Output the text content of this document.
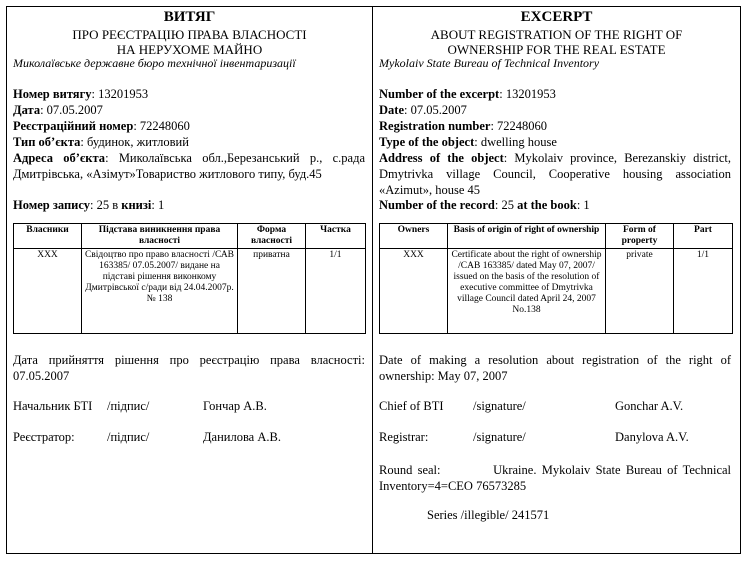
ВИТЯГ
ПРО РЕЄСТРАЦІЮ ПРАВА ВЛАСНОСТІ
НА НЕРУХОМЕ МАЙНО
Миколаївське державне бюро технічної інвентаризації
Номер витягу: 13201953
Дата: 07.05.2007
Реєстраційний номер: 72248060
Тип об’єкта: будинок, житловий
Адреса об’єкта: Миколаївська обл.,Березанський р., с.рада Дмитрівська, «Азімут»Товариство житлового типу, буд.45
Номер запису: 25 в книзі: 1
Власники	Підстава виникнення права власності	Форма власності	Частка
XXX	Свідоцтво про право власності /САВ 163385/ 07.05.2007/ видане на підставі рішення виконкому Дмитрівської с/ради від 24.04.2007р. № 138	приватна	1/1
Дата прийняття рішення про реєстрацію права власності: 07.05.2007
Начальник БТІ /підпис/	Гончар А.В.
Реєстратор:	/підпис/	Данилова А.В.
EXCERPT
ABOUT REGISTRATION OF THE RIGHT OF
OWNERSHIP FOR THE REAL ESTATE
Mykolaiv State Bureau of Technical Inventory
Number of the excerpt: 13201953
Date: 07.05.2007
Registration number: 72248060
Type of the object: dwelling house
Address of the object: Mykolaiv province, Berezanskiy district, Dmytrivka village Council, Cooperative housing association «Azimut», house 45
Number of the record: 25 at the book: 1
Owners	Basis of origin of right of ownership	Form of property	Part
XXX	Certificate about the right of ownership /CAB 163385/ dated May 07, 2007/ issued on the basis of the resolution of executive committee of Dmytrivka village Council dated April 24, 2007 No.138	private	1/1
Date of making a resolution about registration of the right of ownership: May 07, 2007
Chief of BTI /signature/	Gonchar A.V.
Registrar:	/signature/	Danylova A.V.
Round seal:	Ukraine. Mykolaiv State Bureau of Technical Inventory=4=CEO 76573285
Series /illegible/ 241571
